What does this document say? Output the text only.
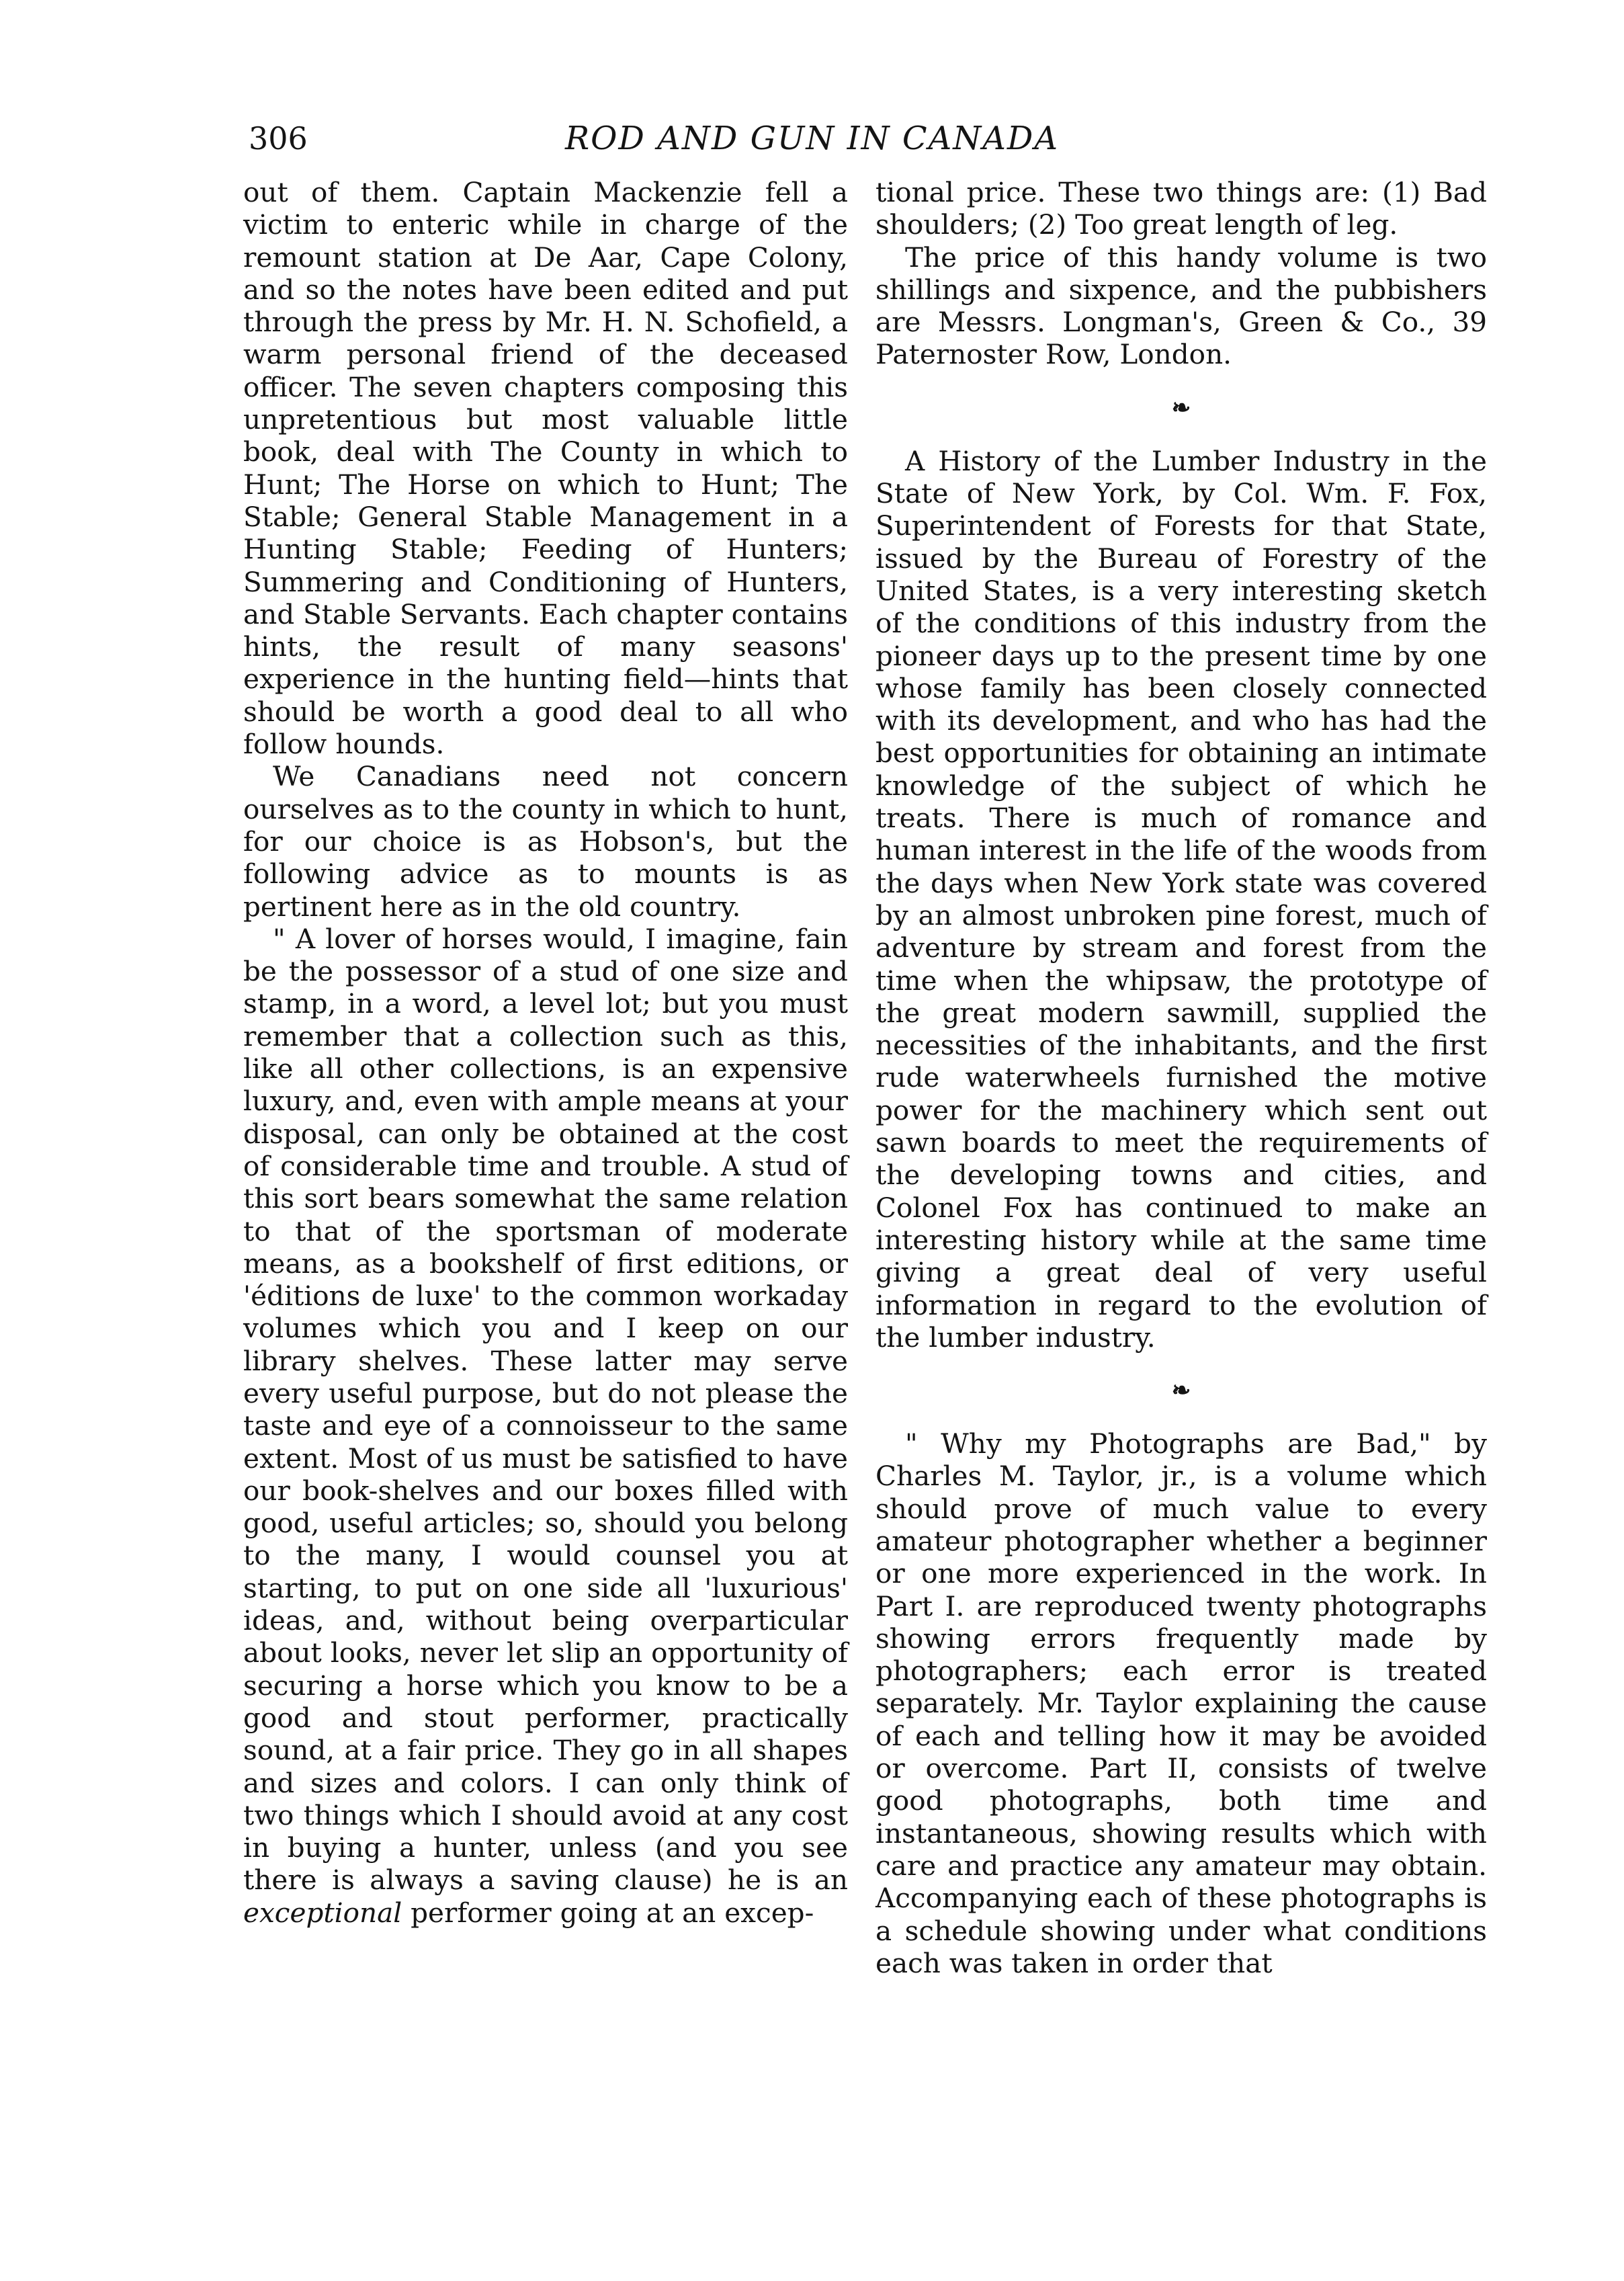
306	ROD AND GUN IN CANADA

out of them. Captain Mackenzie fell a victim to enteric while in charge of the remount station at De Aar, Cape Colony, and so the notes have been edited and put through the press by Mr. H. N. Schofield, a warm personal friend of the deceased officer. The seven chapters composing this unpretentious but most valuable little book, deal with The County in which to Hunt; The Horse on which to Hunt; The Stable; General Stable Management in a Hunting Stable; Feeding of Hunters; Summering and Conditioning of Hunters, and Stable Servants. Each chapter contains hints, the result of many seasons' experience in the hunting field—hints that should be worth a good deal to all who follow hounds.

We Canadians need not concern ourselves as to the county in which to hunt, for our choice is as Hobson's, but the following advice as to mounts is as pertinent here as in the old country.

" A lover of horses would, I imagine, fain be the possessor of a stud of one size and stamp, in a word, a level lot; but you must remember that a collection such as this, like all other collections, is an expensive luxury, and, even with ample means at your disposal, can only be obtained at the cost of considerable time and trouble. A stud of this sort bears somewhat the same relation to that of the sportsman of moderate means, as a bookshelf of first editions, or 'éditions de luxe' to the common workaday volumes which you and I keep on our library shelves. These latter may serve every useful purpose, but do not please the taste and eye of a connoisseur to the same extent. Most of us must be satisfied to have our book-shelves and our boxes filled with good, useful articles; so, should you belong to the many, I would counsel you at starting, to put on one side all 'luxurious' ideas, and, without being overparticular about looks, never let slip an opportunity of securing a horse which you know to be a good and stout performer, practically sound, at a fair price. They go in all shapes and sizes and colors. I can only think of two things which I should avoid at any cost in buying a hunter, unless (and you see there is always a saving clause) he is an exceptional performer going at an excep-

tional price. These two things are: (1) Bad shoulders; (2) Too great length of leg.

The price of this handy volume is two shillings and sixpence, and the pubbishers are Messrs. Longman's, Green & Co., 39 Paternoster Row, London.

❧

A History of the Lumber Industry in the State of New York, by Col. Wm. F. Fox, Superintendent of Forests for that State, issued by the Bureau of Forestry of the United States, is a very interesting sketch of the conditions of this industry from the pioneer days up to the present time by one whose family has been closely connected with its development, and who has had the best opportunities for obtaining an intimate knowledge of the subject of which he treats. There is much of romance and human interest in the life of the woods from the days when New York state was covered by an almost unbroken pine forest, much of adventure by stream and forest from the time when the whipsaw, the prototype of the great modern sawmill, supplied the necessities of the inhabitants, and the first rude waterwheels furnished the motive power for the machinery which sent out sawn boards to meet the requirements of the developing towns and cities, and Colonel Fox has continued to make an interesting history while at the same time giving a great deal of very useful information in regard to the evolution of the lumber industry.

❧

" Why my Photographs are Bad," by Charles M. Taylor, jr., is a volume which should prove of much value to every amateur photographer whether a beginner or one more experienced in the work. In Part I. are reproduced twenty photographs showing errors frequently made by photographers; each error is treated separately. Mr. Taylor explaining the cause of each and telling how it may be avoided or overcome. Part II, consists of twelve good photographs, both time and instantaneous, showing results which with care and practice any amateur may obtain. Accompanying each of these photographs is a schedule showing under what conditions each was taken in order that
